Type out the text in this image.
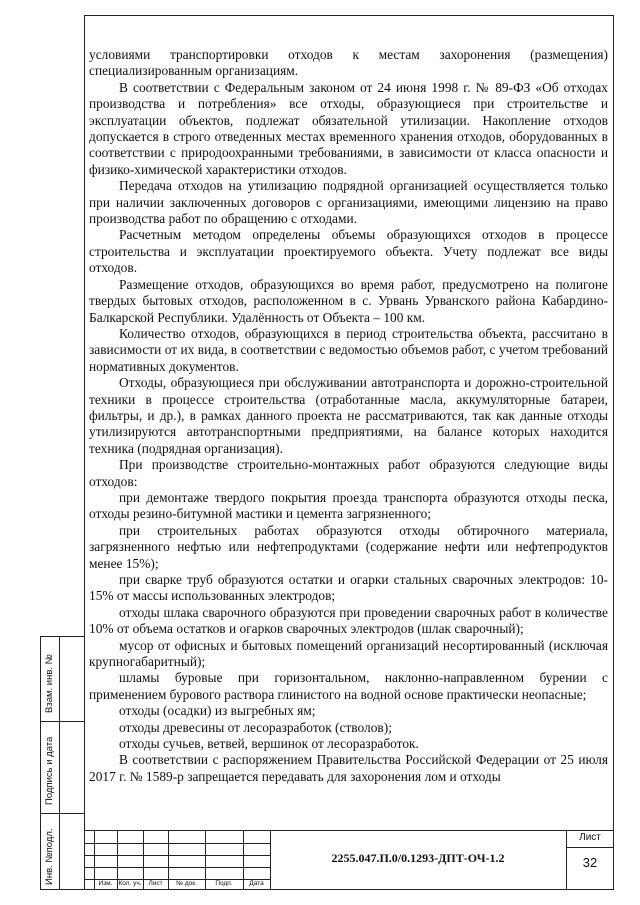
условиями транспортировки отходов к местам захоронения (размещения) специализированным организациям.

В соответствии с Федеральным законом от 24 июня 1998 г. № 89-ФЗ «Об отходах производства и потребления» все отходы, образующиеся при строительстве и эксплуатации объектов, подлежат обязательной утилизации. Накопление отходов допускается в строго отведенных местах временного хранения отходов, оборудованных в соответствии с природоохранными требованиями, в зависимости от класса опасности и физико-химической характеристики отходов.

Передача отходов на утилизацию подрядной организацией осуществляется только при наличии заключенных договоров с организациями, имеющими лицензию на право производства работ по обращению с отходами.

Расчетным методом определены объемы образующихся отходов в процессе строительства и эксплуатации проектируемого объекта. Учету подлежат все виды отходов.

Размещение отходов, образующихся во время работ, предусмотрено на полигоне твердых бытовых отходов, расположенном в с. Урвань Урванского района Кабардино-Балкарской Республики. Удалённость от Объекта – 100 км.

Количество отходов, образующихся в период строительства объекта, рассчитано в зависимости от их вида, в соответствии с ведомостью объемов работ, с учетом требований нормативных документов.

Отходы, образующиеся при обслуживании автотранспорта и дорожно-строительной техники в процессе строительства (отработанные масла, аккумуляторные батареи, фильтры, и др.), в рамках данного проекта не рассматриваются, так как данные отходы утилизируются автотранспортными предприятиями, на балансе которых находится техника (подрядная организация).

При производстве строительно-монтажных работ образуются следующие виды отходов:

при демонтаже твердого покрытия проезда транспорта образуются отходы песка, отходы резино-битумной мастики и цемента загрязненного;

при строительных работах образуются отходы обтирочного материала, загрязненного нефтью или нефтепродуктами (содержание нефти или нефтепродуктов менее 15%);

при сварке труб образуются остатки и огарки стальных сварочных электродов: 10-15% от массы использованных электродов;

отходы шлака сварочного образуются при проведении сварочных работ в количестве 10% от объема остатков и огарков сварочных электродов (шлак сварочный);

мусор от офисных и бытовых помещений организаций несортированный (исключая крупногабаритный);

шламы буровые при горизонтальном, наклонно-направленном бурении с применением бурового раствора глинистого на водной основе практически неопасные;

отходы (осадки) из выгребных ям;

отходы древесины от лесоразработок (стволов);

отходы сучьев, ветвей, вершинок от лесоразработок.

В соответствии с распоряжением Правительства Российской Федерации от 25 июля 2017 г. № 1589-р запрещается передавать для захоронения лом и отходы

Взам. инв. №
Подпись и дата
Инв. №подл.	Изм. Кол. уч.	Лист	№ док.	Подп.	Дата
2255.047.П.0/0.1293-ДПТ-ОЧ-1.2
Лист
32
